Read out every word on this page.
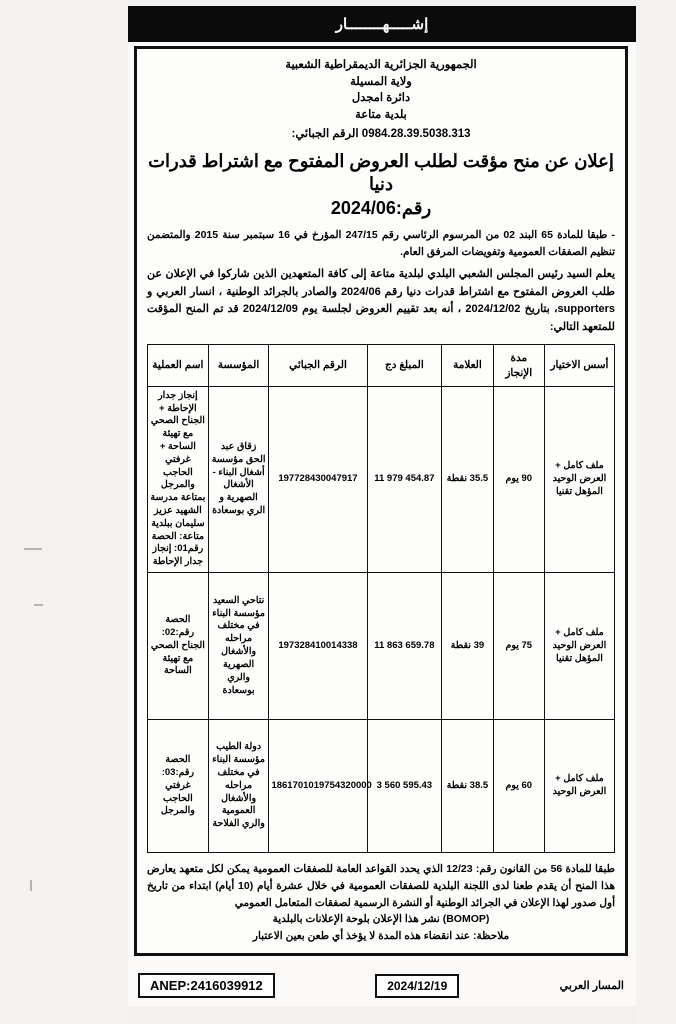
إشـــــهــــــــار
الجمهورية الجزائرية الديمقراطية الشعبية
ولاية المسيلة
دائرة امجدل
بلدية متاعة
0984.28.39.5038.313 الرقم الجبائي:
إعلان عن منح مؤقت لطلب العروض المفتوح مع اشتراط قدرات دنيا
رقم:2024/06
- طبقا للمادة 65 البند 02 من المرسوم الرئاسي رقم 247/15 المؤرخ في 16 سبتمبر سنة 2015 والمتضمن تنظيم الصفقات العمومية وتفويضات المرفق العام.
يعلم السيد رئيس المجلس الشعبي البلدي لبلدية متاعة إلى كافة المتعهدين الذين شاركوا في الإعلان عن طلب العروض المفتوح مع اشتراط قدرات دنيا رقم 2024/06 والصادر بالجرائد الوطنية ، انسار العربي و supporters، بتاريخ 2024/12/02 ، أنه بعد تقييم العروض لجلسة يوم 2024/12/09 قد تم المنح المؤقت للمتعهد التالي:
أسس الاختيار	مدة الإنجاز	العلامة	المبلغ دج	الرقم الجبائي	المؤسسة	اسم العملية
ملف كامل + العرض الوحيد المؤهل تقنيا	90 يوم	35.5 نقطة	11 979 454.87	197728430047917	زقاق عبد الحق مؤسسة أشغال البناء - الأشغال الصهرية و الري بوسعادة	إنجاز جدار الإحاطة + الجناح الصحي مع تهيئة الساحة + غرفتي الحاجب والمرجل بمتاعة مدرسة الشهيد عزيز سليمان ببلدية متاعة: الحصة رقم01: إنجاز جدار الإحاطة
ملف كامل + العرض الوحيد المؤهل تقنيا	75 يوم	39 نقطة	11 863 659.78	197328410014338	نتاحي السعيد مؤسسة البناء في مختلف مراحله والأشغال الصهرية والري بوسعادة	الحصة رقم:02: الجناح الصحي مع تهيئة الساحة
ملف كامل + العرض الوحيد	60 يوم	38.5 نقطة	3 560 595.43	1861701019754320000	دولة الطيب مؤسسة البناء في مختلف مراحله والأشغال العمومية والري الفلاحة	الحصة رقم:03: غرفتي الحاجب والمرجل
طبقا للمادة 56 من القانون رقم: 12/23 الذي يحدد القواعد العامة للصفقات العمومية يمكن لكل متعهد يعارض هذا المنح أن يقدم طعنا لدى اللجنة البلدية للصفقات العمومية في خلال عشرة أيام (10 أيام) ابتداء من تاريخ أول صدور لهذا الإعلان في الجرائد الوطنية أو النشرة الرسمية لصفقات المتعامل العمومي
(BOMOP) نشر هذا الإعلان بلوحة الإعلانات بالبلدية
ملاحظة: عند انقضاء هذه المدة لا يؤخذ أي طعن بعين الاعتبار
ANEP:2416039912	2024/12/19	المسار العربي
